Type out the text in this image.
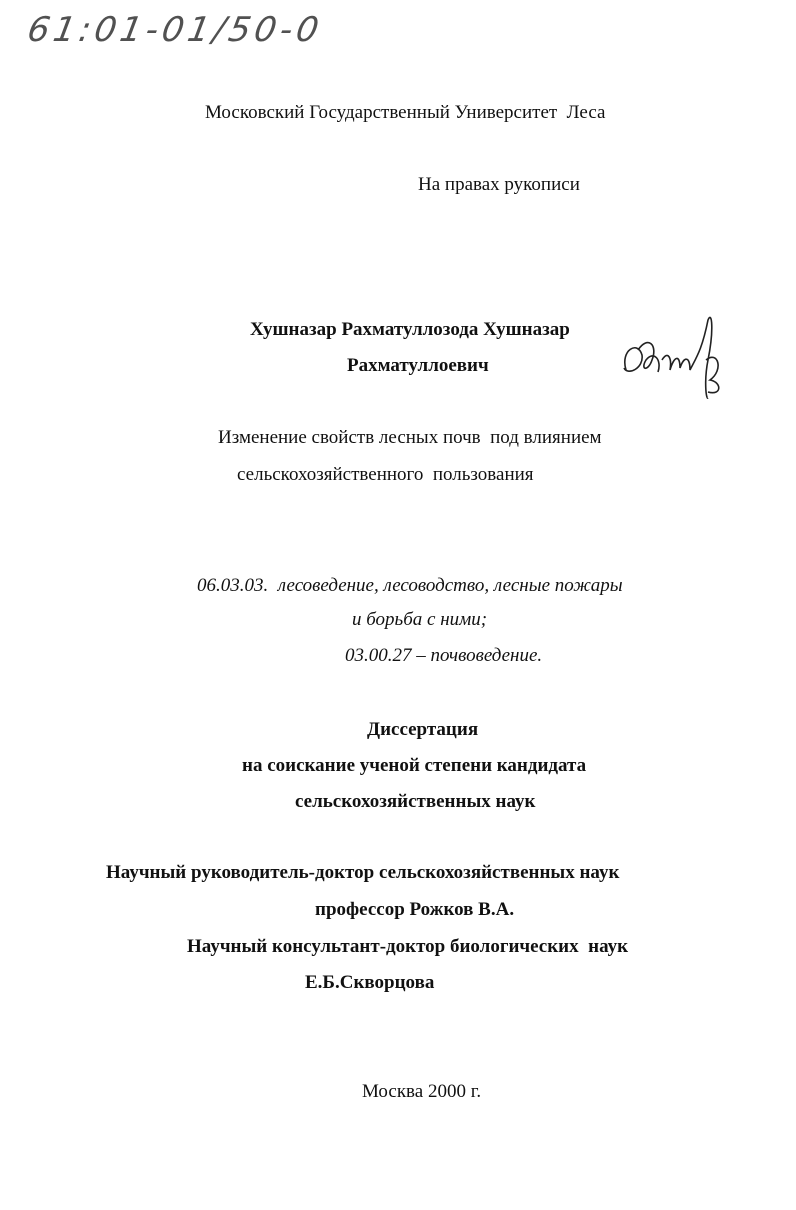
61:01-01/50-0
Московский Государственный Университет  Леса
На правах рукописи
Хушназар Рахматуллозода Хушназар
Рахматуллоевич
Изменение свойств лесных почв  под влиянием
сельскохозяйственного  пользования
06.03.03.  лесоведение, лесоводство, лесные пожары
и борьба с ними;
03.00.27 – почвоведение.
Диссертация
на соискание ученой степени кандидата
сельскохозяйственных наук
Научный руководитель-доктор сельскохозяйственных наук
профессор Рожков В.А.
Научный консультант-доктор биологических  наук
Е.Б.Скворцова
Москва 2000 г.
